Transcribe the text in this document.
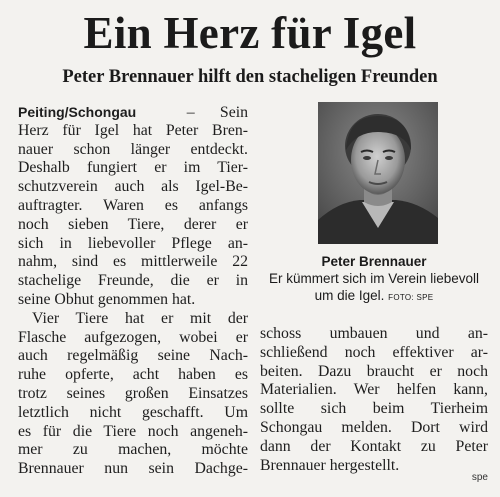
Ein Herz für Igel
Peter Brennauer hilft den stacheligen Freunden
Peiting/Schongau	– Sein
Herz für Igel hat Peter Bren-
nauer schon länger entdeckt.
Deshalb fungiert er im Tier-
schutzverein auch als Igel-Be-
auftragter. Waren es anfangs
noch sieben Tiere, derer er
sich in liebevoller Pflege an-
nahm, sind es mittlerweile 22
stachelige Freunde, die er in
seine Obhut genommen hat.
Vier Tiere hat er mit der
Flasche aufgezogen, wobei er
auch regelmäßig seine Nach-
ruhe opferte, acht haben es
trotz seines großen Einsatzes
letztlich nicht geschafft. Um
es für die Tiere noch angeneh-
mer zu machen, möchte
Brennauer nun sein Dachge-
Peter Brennauer
Er kümmert sich im Verein liebevoll um die Igel. FOTO: SPE
schoss umbauen und an-
schließend noch effektiver ar-
beiten. Dazu braucht er noch
Materialien. Wer helfen kann,
sollte sich beim Tierheim
Schongau melden. Dort wird
dann der Kontakt zu Peter
Brennauer hergestellt.
spe
